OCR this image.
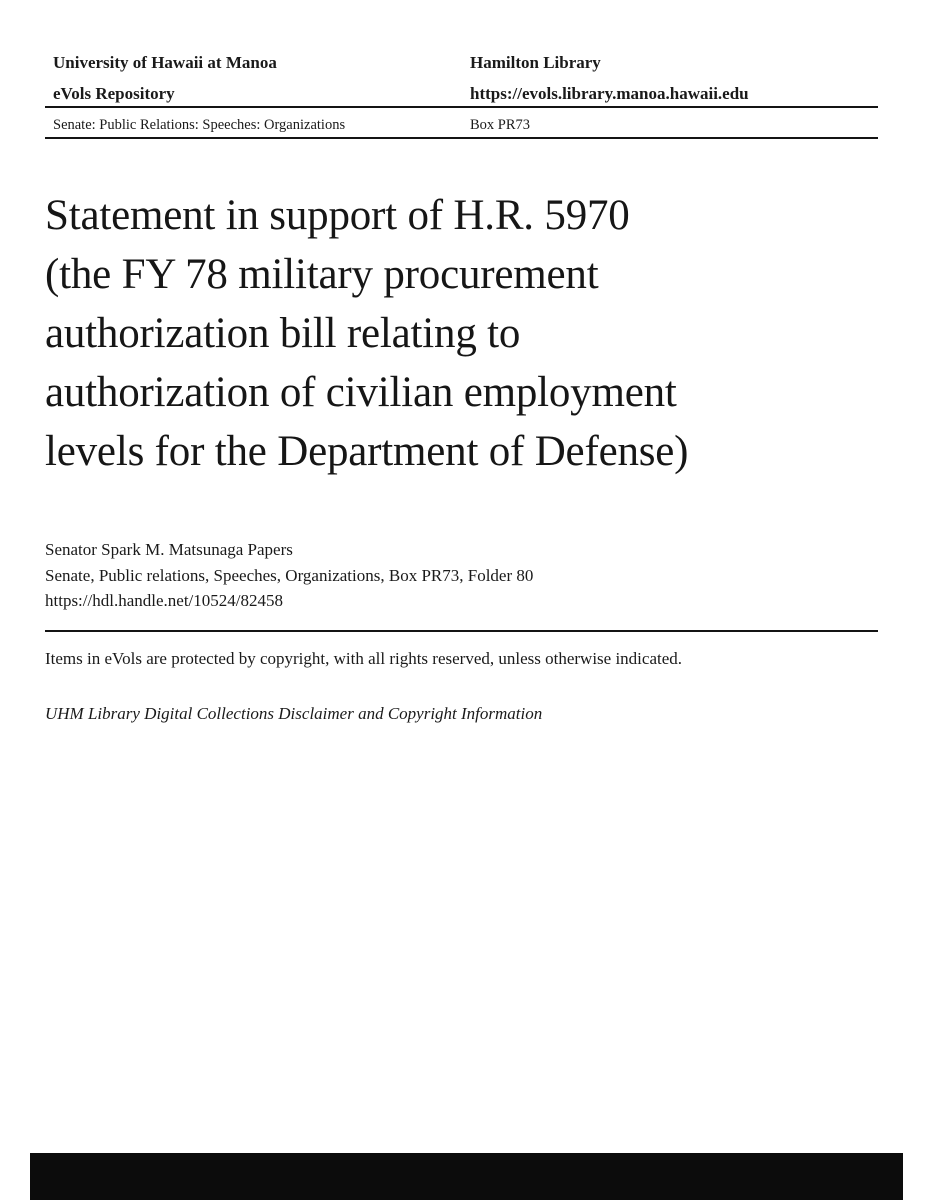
University of Hawaii at Manoa	Hamilton Library
eVols Repository	https://evols.library.manoa.hawaii.edu
Senate: Public Relations: Speeches: Organizations	Box PR73
Statement in support of H.R. 5970
(the FY 78 military procurement
authorization bill relating to
authorization of civilian employment
levels for the Department of Defense)
Senator Spark M. Matsunaga Papers
Senate, Public relations, Speeches, Organizations, Box PR73, Folder 80
https://hdl.handle.net/10524/82458
Items in eVols are protected by copyright, with all rights reserved, unless otherwise indicated.
UHM Library Digital Collections Disclaimer and Copyright Information
